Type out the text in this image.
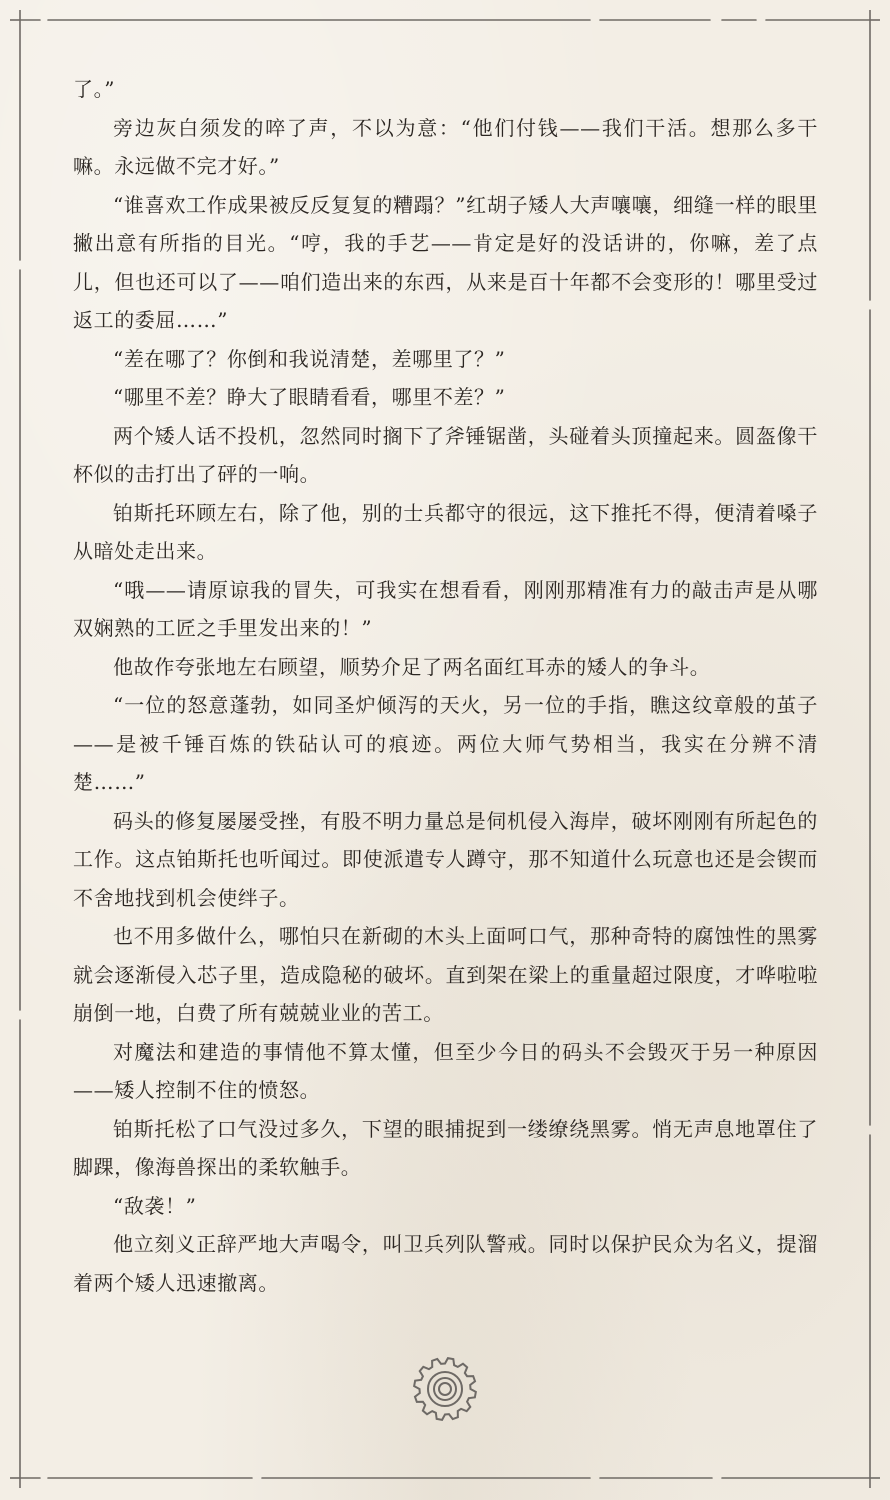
了。”

旁边灰白须发的啐了声，不以为意：“他们付钱——我们干活。想那么多干嘛。永远做不完才好。”

“谁喜欢工作成果被反反复复的糟蹋？”红胡子矮人大声嚷嚷，细缝一样的眼里撇出意有所指的目光。“哼，我的手艺——肯定是好的没话讲的，你嘛，差了点儿，但也还可以了——咱们造出来的东西，从来是百十年都不会变形的！哪里受过返工的委屈……”

“差在哪了？你倒和我说清楚，差哪里了？”

“哪里不差？睁大了眼睛看看，哪里不差？”

两个矮人话不投机，忽然同时搁下了斧锤锯凿，头碰着头顶撞起来。圆盔像干杯似的击打出了砰的一响。

铂斯托环顾左右，除了他，别的士兵都守的很远，这下推托不得，便清着嗓子从暗处走出来。

“哦——请原谅我的冒失，可我实在想看看，刚刚那精准有力的敲击声是从哪双娴熟的工匠之手里发出来的！”

他故作夸张地左右顾望，顺势介足了两名面红耳赤的矮人的争斗。

“一位的怒意蓬勃，如同圣炉倾泻的天火，另一位的手指，瞧这纹章般的茧子——是被千锤百炼的铁砧认可的痕迹。两位大师气势相当，我实在分辨不清楚……”

码头的修复屡屡受挫，有股不明力量总是伺机侵入海岸，破坏刚刚有所起色的工作。这点铂斯托也听闻过。即使派遣专人蹲守，那不知道什么玩意也还是会锲而不舍地找到机会使绊子。

也不用多做什么，哪怕只在新砌的木头上面呵口气，那种奇特的腐蚀性的黑雾就会逐渐侵入芯子里，造成隐秘的破坏。直到架在梁上的重量超过限度，才哗啦啦崩倒一地，白费了所有兢兢业业的苦工。

对魔法和建造的事情他不算太懂，但至少今日的码头不会毁灭于另一种原因——矮人控制不住的愤怒。

铂斯托松了口气没过多久，下望的眼捕捉到一缕缭绕黑雾。悄无声息地罩住了脚踝，像海兽探出的柔软触手。

“敌袭！”

他立刻义正辞严地大声喝令，叫卫兵列队警戒。同时以保护民众为名义，提溜着两个矮人迅速撤离。
